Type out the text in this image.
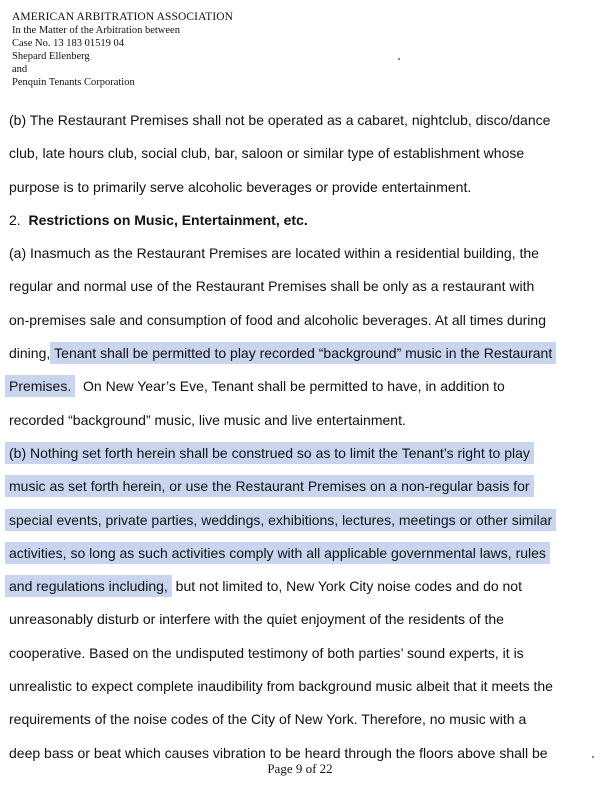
AMERICAN ARBITRATION ASSOCIATION
In the Matter of the Arbitration between
Case No. 13 183 01519 04
Shepard Ellenberg
and
Penquin Tenants Corporation
(b) The Restaurant Premises shall not be operated as a cabaret, nightclub, disco/dance
club, late hours club, social club, bar, saloon or similar type of establishment whose
purpose is to primarily serve alcoholic beverages or provide entertainment.
2. Restrictions on Music, Entertainment, etc.
(a) Inasmuch as the Restaurant Premises are located within a residential building, the
regular and normal use of the Restaurant Premises shall be only as a restaurant with
on-premises sale and consumption of food and alcoholic beverages. At all times during
dining, Tenant shall be permitted to play recorded “background” music in the Restaurant
Premises. On New Year’s Eve, Tenant shall be permitted to have, in addition to
recorded “background” music, live music and live entertainment.
(b) Nothing set forth herein shall be construed so as to limit the Tenant’s right to play
music as set forth herein, or use the Restaurant Premises on a non-regular basis for
special events, private parties, weddings, exhibitions, lectures, meetings or other similar
activities, so long as such activities comply with all applicable governmental laws, rules
and regulations including, but not limited to, New York City noise codes and do not
unreasonably disturb or interfere with the quiet enjoyment of the residents of the
cooperative. Based on the undisputed testimony of both parties’ sound experts, it is
unrealistic to expect complete inaudibility from background music albeit that it meets the
requirements of the noise codes of the City of New York. Therefore, no music with a
deep bass or beat which causes vibration to be heard through the floors above shall be
Page 9 of 22
